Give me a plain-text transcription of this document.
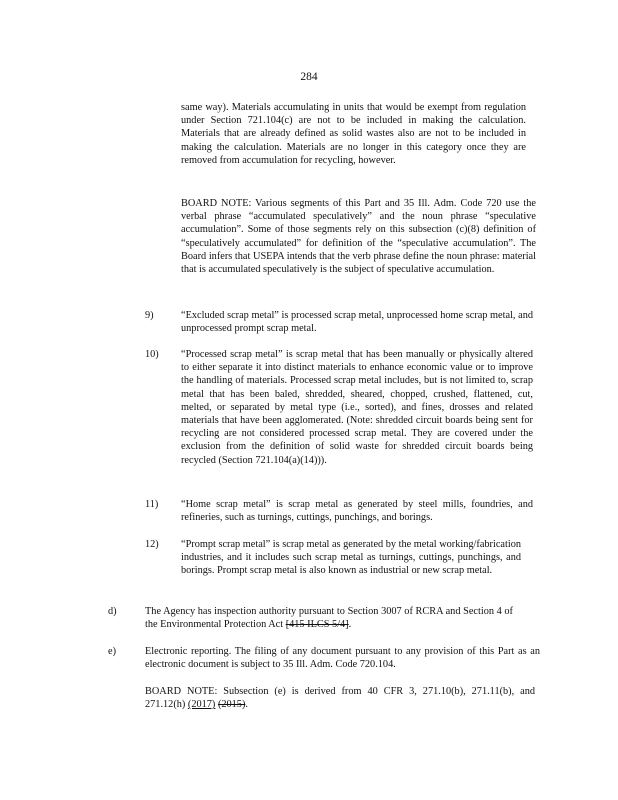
284
same way). Materials accumulating in units that would be exempt from regulation under Section 721.104(c) are not to be included in making the calculation. Materials that are already defined as solid wastes also are not to be included in making the calculation. Materials are no longer in this category once they are removed from accumulation for recycling, however.
BOARD NOTE: Various segments of this Part and 35 Ill. Adm. Code 720 use the verbal phrase “accumulated speculatively” and the noun phrase “speculative accumulation”. Some of those segments rely on this subsection (c)(8) definition of “speculatively accumulated” for definition of the “speculative accumulation”. The Board infers that USEPA intends that the verb phrase define the noun phrase: material that is accumulated speculatively is the subject of speculative accumulation.
9)	“Excluded scrap metal” is processed scrap metal, unprocessed home scrap metal, and unprocessed prompt scrap metal.
10) “Processed scrap metal” is scrap metal that has been manually or physically altered to either separate it into distinct materials to enhance economic value or to improve the handling of materials. Processed scrap metal includes, but is not limited to, scrap metal that has been baled, shredded, sheared, chopped, crushed, flattened, cut, melted, or separated by metal type (i.e., sorted), and fines, drosses and related materials that have been agglomerated. (Note: shredded circuit boards being sent for recycling are not considered processed scrap metal. They are covered under the exclusion from the definition of solid waste for shredded circuit boards being recycled (Section 721.104(a)(14))).
11) “Home scrap metal” is scrap metal as generated by steel mills, foundries, and refineries, such as turnings, cuttings, punchings, and borings.
12) “Prompt scrap metal” is scrap metal as generated by the metal working/fabrication industries, and it includes such scrap metal as turnings, cuttings, punchings, and borings. Prompt scrap metal is also known as industrial or new scrap metal.
d)	The Agency has inspection authority pursuant to Section 3007 of RCRA and Section 4 of the Environmental Protection Act [415 ILCS 5/4].
e)	Electronic reporting. The filing of any document pursuant to any provision of this Part as an electronic document is subject to 35 Ill. Adm. Code 720.104.
BOARD NOTE: Subsection (e) is derived from 40 CFR 3, 271.10(b), 271.11(b), and 271.12(h) (2017) (2015).
